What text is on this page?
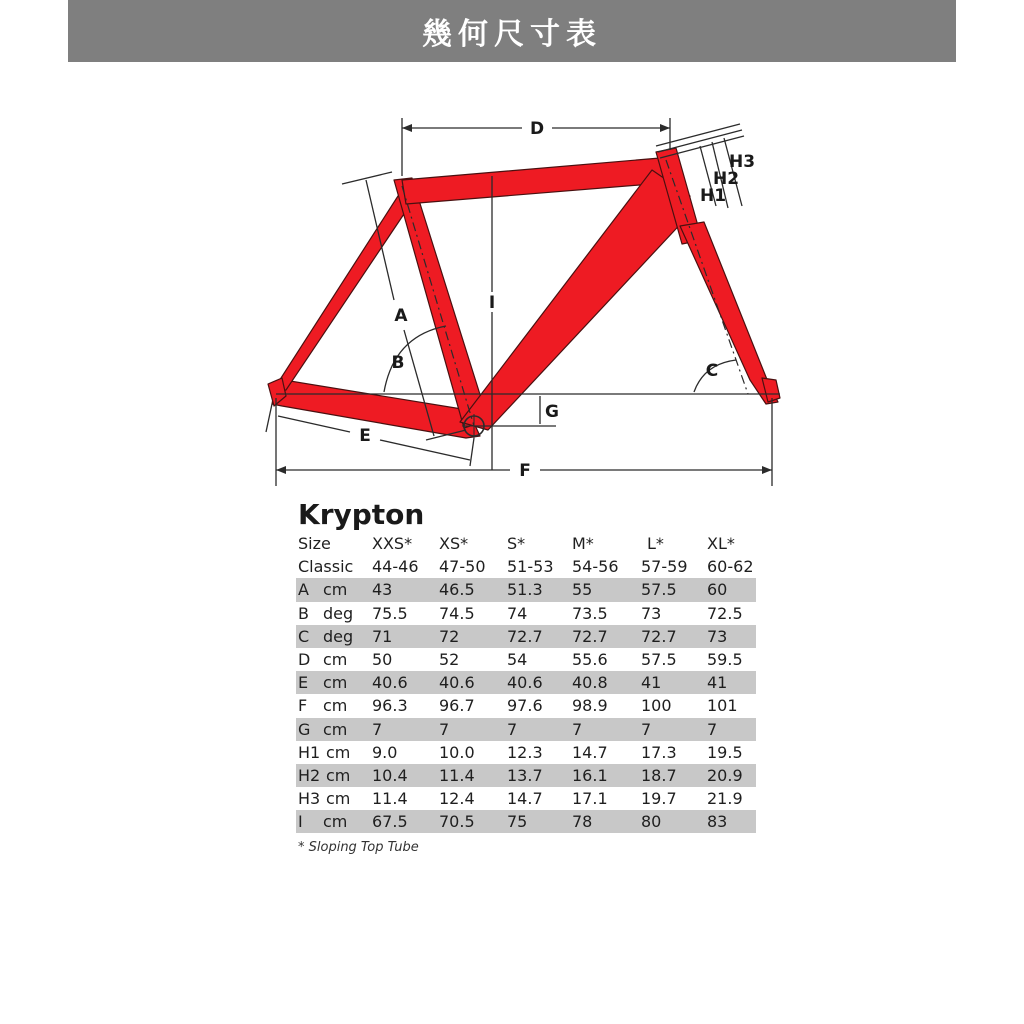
幾何尺寸表
D
H3
H2
H1
A
B	C
I
G
E
F
Krypton
Size	XXS* XS* S*	M*	L*	XL*
Classic 44-46 47-50 51-53 54-56 57-59 60-62
A cm 43	46.5 51.3 55	57.5 60
B deg 75.5 74.5 74	73.5 73	72.5
C deg 71	72	72.7 72.7 72.7 73
D cm 50	52	54	55.6 57.5 59.5
E cm 40.6 40.6 40.6 40.8 41	41
F cm 96.3 96.7 97.6 98.9 100 101
G cm 7	7	7	7	7	7
H1 cm 9.0	10.0 12.3 14.7 17.3 19.5
H2 cm 10.4 11.4 13.7 16.1 18.7 20.9
H3 cm 11.4 12.4 14.7 17.1 19.7 21.9
I	cm 67.5 70.5 75	78	80	83
* Sloping Top Tube
